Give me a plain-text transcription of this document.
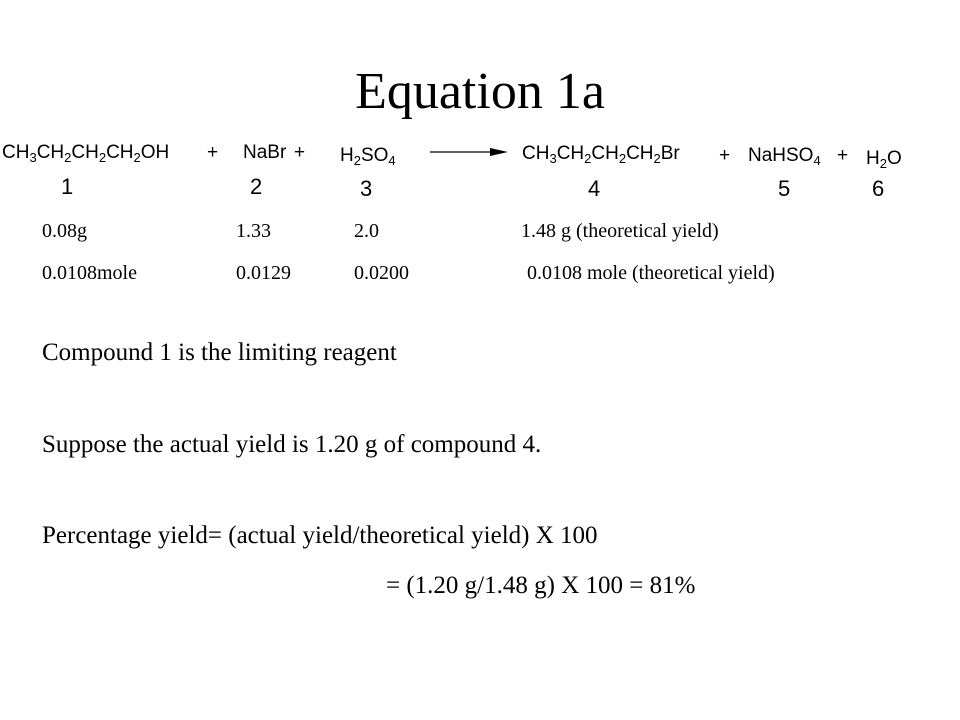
Equation 1a
$CH_3CH_2CH_2CH_2OH$ + NaBr + $H_2SO_4$	$CH_3CH_2CH_2CH_2Br$ + NaHSO$_4$ + $H_2O$
1	2	3	4	5	6
0.08g	1.33	2.0	1.48 g (theoretical yield)
0.0108mole	0.0129	0.0200	0.0108 mole (theoretical yield)
Compound 1 is the limiting reagent
Suppose the actual yield is 1.20 g of compound 4.
Percentage yield= (actual yield/theoretical yield) X 100
= (1.20 g/1.48 g) X 100 = 81%
